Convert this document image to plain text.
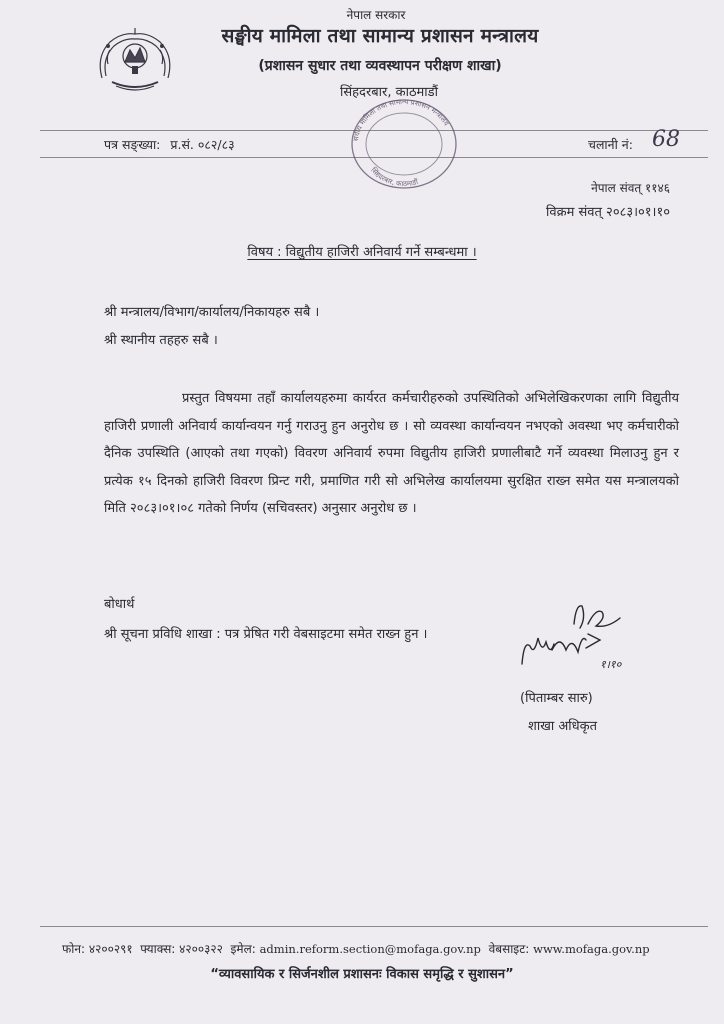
नेपाल सरकार
सङ्घीय मामिला तथा सामान्य प्रशासन मन्त्रालय
(प्रशासन सुधार तथा व्यवस्थापन परीक्षण शाखा)
सिंहदरबार, काठमाडौं
पत्र सङ्ख्या: प्र.सं. ०८२/८३	चलानी नं: 68
संघीय मामिला तथा सामान्य प्रशासन मन्त्रालय
सिंहदरबार, काठमाडौं	नेपाल संवत् ११४६
विक्रम संवत् २०८३।०१।१०
विषय : विद्युतीय हाजिरी अनिवार्य गर्ने सम्बन्धमा ।
श्री मन्त्रालय/विभाग/कार्यालय/निकायहरु सबै ।
श्री स्थानीय तहहरु सबै ।
प्रस्तुत विषयमा तहाँ कार्यालयहरुमा कार्यरत कर्मचारीहरुको उपस्थितिको अभिलेखिकरणका लागि विद्युतीय हाजिरी प्रणाली अनिवार्य कार्यान्वयन गर्नु गराउनु हुन अनुरोध छ । सो व्यवस्था कार्यान्वयन नभएको अवस्था भए कर्मचारीको दैनिक उपस्थिति (आएको तथा गएको) विवरण अनिवार्य रुपमा विद्युतीय हाजिरी प्रणालीबाटै गर्ने व्यवस्था मिलाउनु हुन र प्रत्येक १५ दिनको हाजिरी विवरण प्रिन्ट गरी, प्रमाणित गरी सो अभिलेख कार्यालयमा सुरक्षित राख्न समेत यस मन्त्रालयको मिति २०८३।०१।०८ गतेको निर्णय (सचिवस्तर) अनुसार अनुरोध छ ।
बोधार्थ
श्री सूचना प्रविधि शाखा : पत्र प्रेषित गरी वेबसाइटमा समेत राख्न हुन ।
१।१०
(पिताम्बर सारु)
शाखा अधिकृत
फोन: ४२००२९१ फ्याक्स: ४२००३२२ इमेल: admin.reform.section@mofaga.gov.np वेबसाइट: www.mofaga.gov.np
“व्यावसायिक र सिर्जनशील प्रशासनः विकास समृद्धि र सुशासन”
